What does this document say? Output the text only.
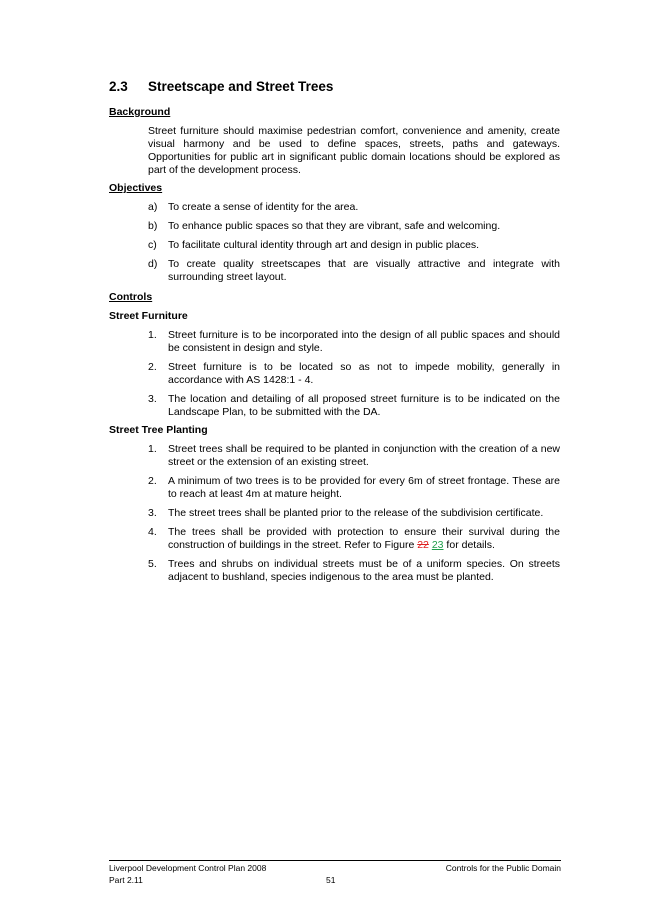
2.3 Streetscape and Street Trees
Background

Street furniture should maximise pedestrian comfort, convenience and amenity, create visual harmony and be used to define spaces, streets, paths and gateways. Opportunities for public art in significant public domain locations should be explored as part of the development process.

Objectives
a)	To create a sense of identity for the area.
b)	To enhance public spaces so that they are vibrant, safe and welcoming.
c)	To facilitate cultural identity through art and design in public places.
d)	To create quality streetscapes that are visually attractive and integrate with surrounding street layout.
Controls
Street Furniture
1.	Street furniture is to be incorporated into the design of all public spaces and should be consistent in design and style.
2.	Street furniture is to be located so as not to impede mobility, generally in accordance with AS 1428:1 - 4.
3.	The location and detailing of all proposed street furniture is to be indicated on the Landscape Plan, to be submitted with the DA.
Street Tree Planting
1.	Street trees shall be required to be planted in conjunction with the creation of a new street or the extension of an existing street.
2.	A minimum of two trees is to be provided for every 6m of street frontage. These are to reach at least 4m at mature height.
3.	The street trees shall be planted prior to the release of the subdivision certificate.
4.	The trees shall be provided with protection to ensure their survival during the construction of buildings in the street. Refer to Figure 22 23 for details.
5.	Trees and shrubs on individual streets must be of a uniform species. On streets adjacent to bushland, species indigenous to the area must be planted.
Liverpool Development Control Plan 2008
Part 2.11	51
Controls for the Public Domain
